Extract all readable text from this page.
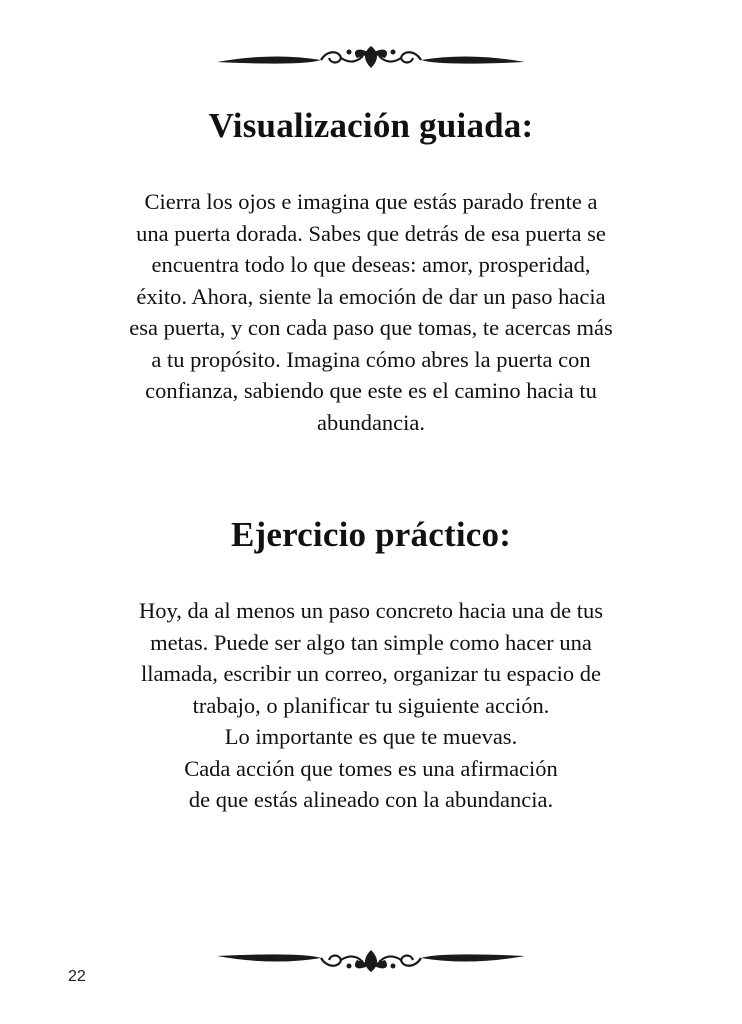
Visualización guiada:

Cierra los ojos e imagina que estás parado frente a
una puerta dorada. Sabes que detrás de esa puerta se
encuentra todo lo que deseas: amor, prosperidad,
éxito. Ahora, siente la emoción de dar un paso hacia
esa puerta, y con cada paso que tomas, te acercas más
a tu propósito. Imagina cómo abres la puerta con
confianza, sabiendo que este es el camino hacia tu
abundancia.

Ejercicio práctico:

Hoy, da al menos un paso concreto hacia una de tus
metas. Puede ser algo tan simple como hacer una
llamada, escribir un correo, organizar tu espacio de
trabajo, o planificar tu siguiente acción.
Lo importante es que te muevas.
Cada acción que tomes es una afirmación
de que estás alineado con la abundancia.

22
